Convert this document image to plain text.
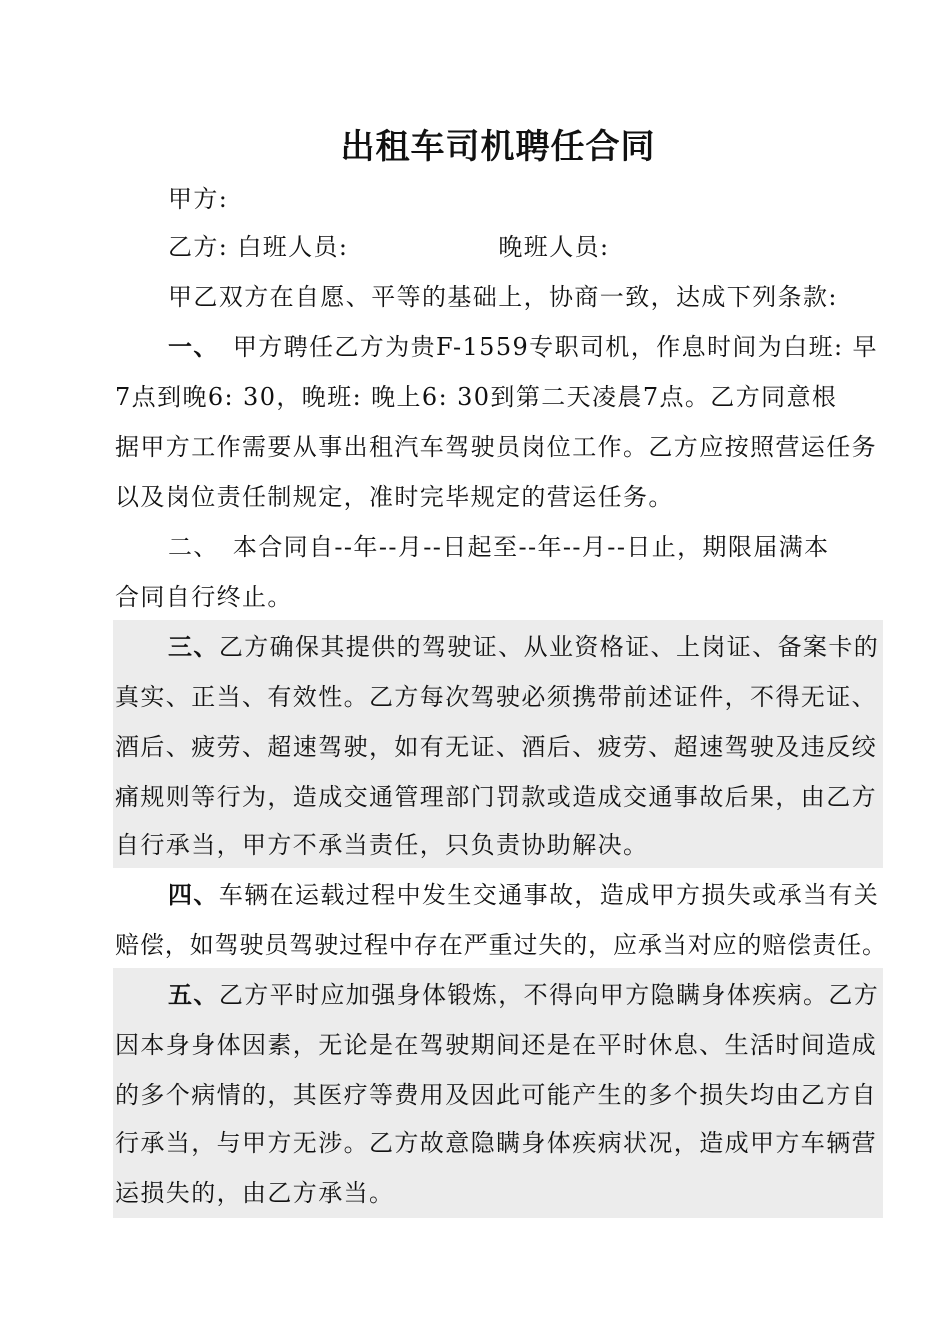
出租车司机聘任合同
甲方:
乙方: 白班人员:	晚班人员:
甲乙双方在自愿、平等的基础上，协商一致，达成下列条款:
一、 甲方聘任乙方为贵F-1559专职司机，作息时间为白班: 早
7点到晚6: 30，晚班: 晚上6: 30到第二天凌晨7点。乙方同意根
据甲方工作需要从事出租汽车驾驶员岗位工作。乙方应按照营运任务
以及岗位责任制规定，准时完毕规定的营运任务。
二、 本合同自--年--月--日起至--年--月--日止，期限届满本
合同自行终止。
三、乙方确保其提供的驾驶证、从业资格证、上岗证、备案卡的
真实、正当、有效性。乙方每次驾驶必须携带前述证件，不得无证、
酒后、疲劳、超速驾驶，如有无证、酒后、疲劳、超速驾驶及违反绞
痛规则等行为，造成交通管理部门罚款或造成交通事故后果，由乙方
自行承当，甲方不承当责任，只负责协助解决。
四、车辆在运载过程中发生交通事故，造成甲方损失或承当有关
赔偿，如驾驶员驾驶过程中存在严重过失的，应承当对应的赔偿责任。
五、乙方平时应加强身体锻炼，不得向甲方隐瞒身体疾病。乙方
因本身身体因素，无论是在驾驶期间还是在平时休息、生活时间造成
的多个病情的，其医疗等费用及因此可能产生的多个损失均由乙方自
行承当，与甲方无涉。乙方故意隐瞒身体疾病状况，造成甲方车辆营
运损失的，由乙方承当。
